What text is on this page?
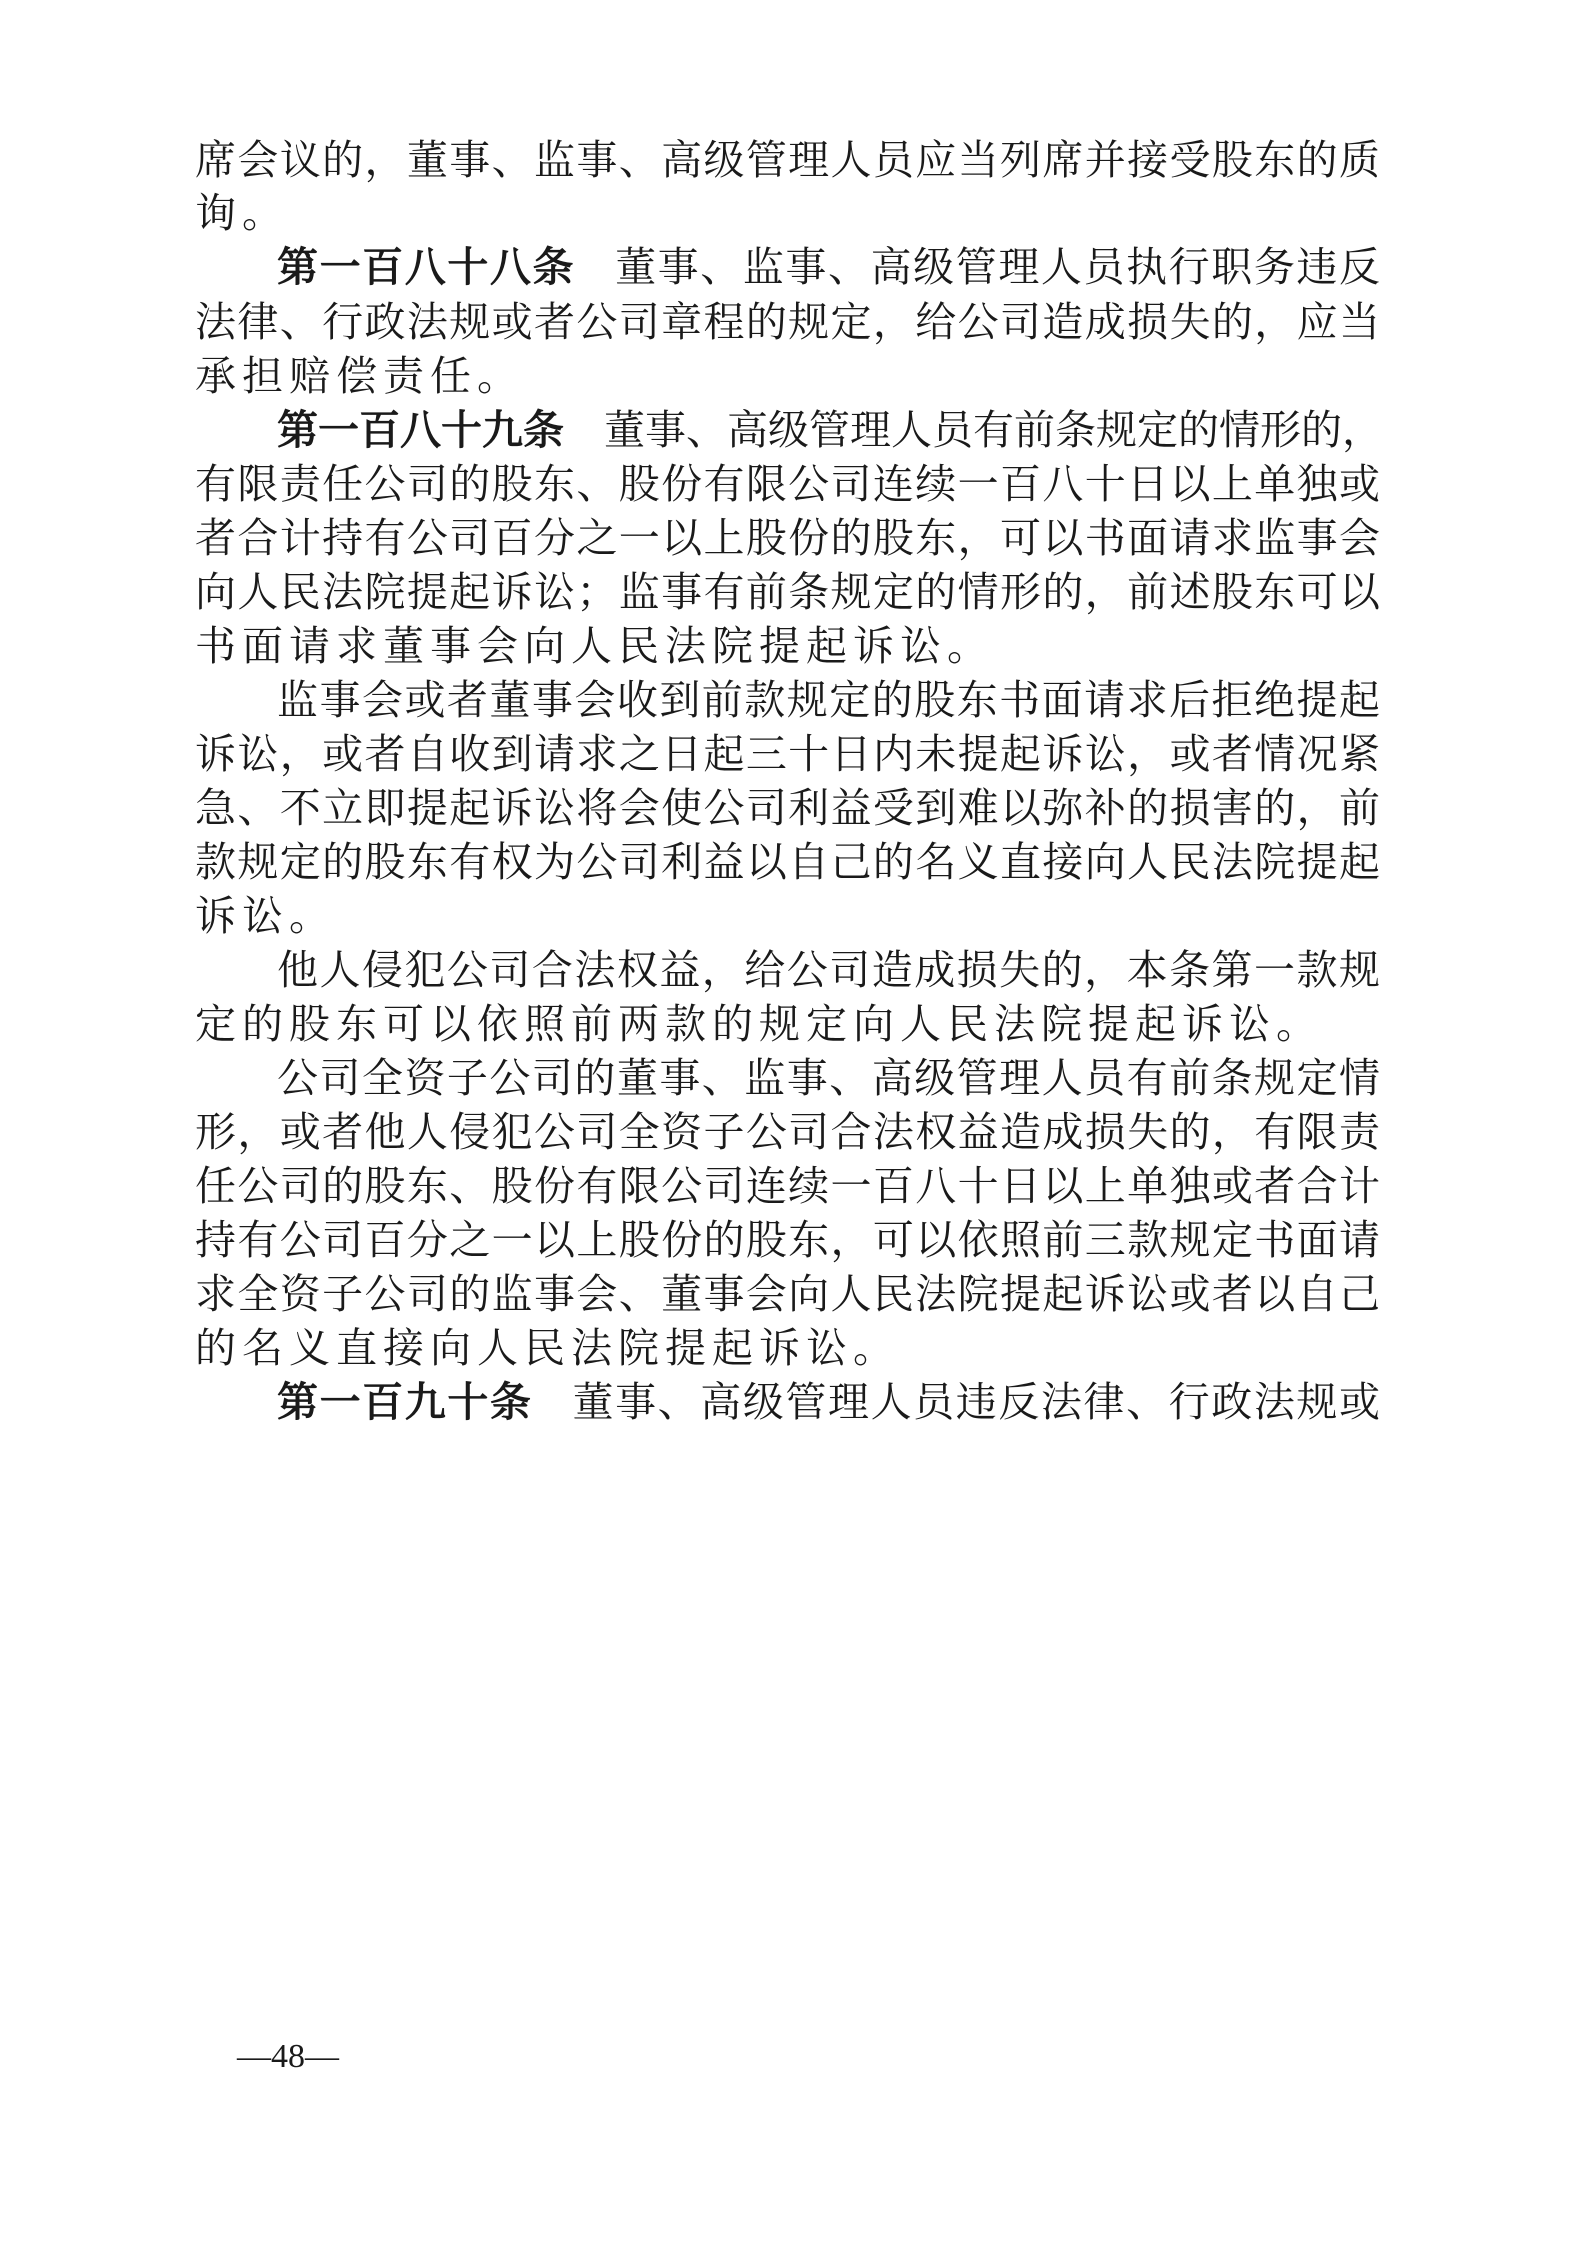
席会议的，董事、监事、高级管理人员应当列席并接受股东的质
询。
第一百八十八条 董事、监事、高级管理人员执行职务违反
法律、行政法规或者公司章程的规定，给公司造成损失的，应当
承担赔偿责任。
第一百八十九条 董事、高级管理人员有前条规定的情形的，
有限责任公司的股东、股份有限公司连续一百八十日以上单独或
者合计持有公司百分之一以上股份的股东，可以书面请求监事会
向人民法院提起诉讼；监事有前条规定的情形的，前述股东可以
书面请求董事会向人民法院提起诉讼。
监事会或者董事会收到前款规定的股东书面请求后拒绝提起
诉讼，或者自收到请求之日起三十日内未提起诉讼，或者情况紧
急、不立即提起诉讼将会使公司利益受到难以弥补的损害的，前
款规定的股东有权为公司利益以自己的名义直接向人民法院提起
诉讼。
他人侵犯公司合法权益，给公司造成损失的，本条第一款规
定的股东可以依照前两款的规定向人民法院提起诉讼。
公司全资子公司的董事、监事、高级管理人员有前条规定情
形，或者他人侵犯公司全资子公司合法权益造成损失的，有限责
任公司的股东、股份有限公司连续一百八十日以上单独或者合计
持有公司百分之一以上股份的股东，可以依照前三款规定书面请
求全资子公司的监事会、董事会向人民法院提起诉讼或者以自己
的名义直接向人民法院提起诉讼。
第一百九十条 董事、高级管理人员违反法律、行政法规或
—48—
